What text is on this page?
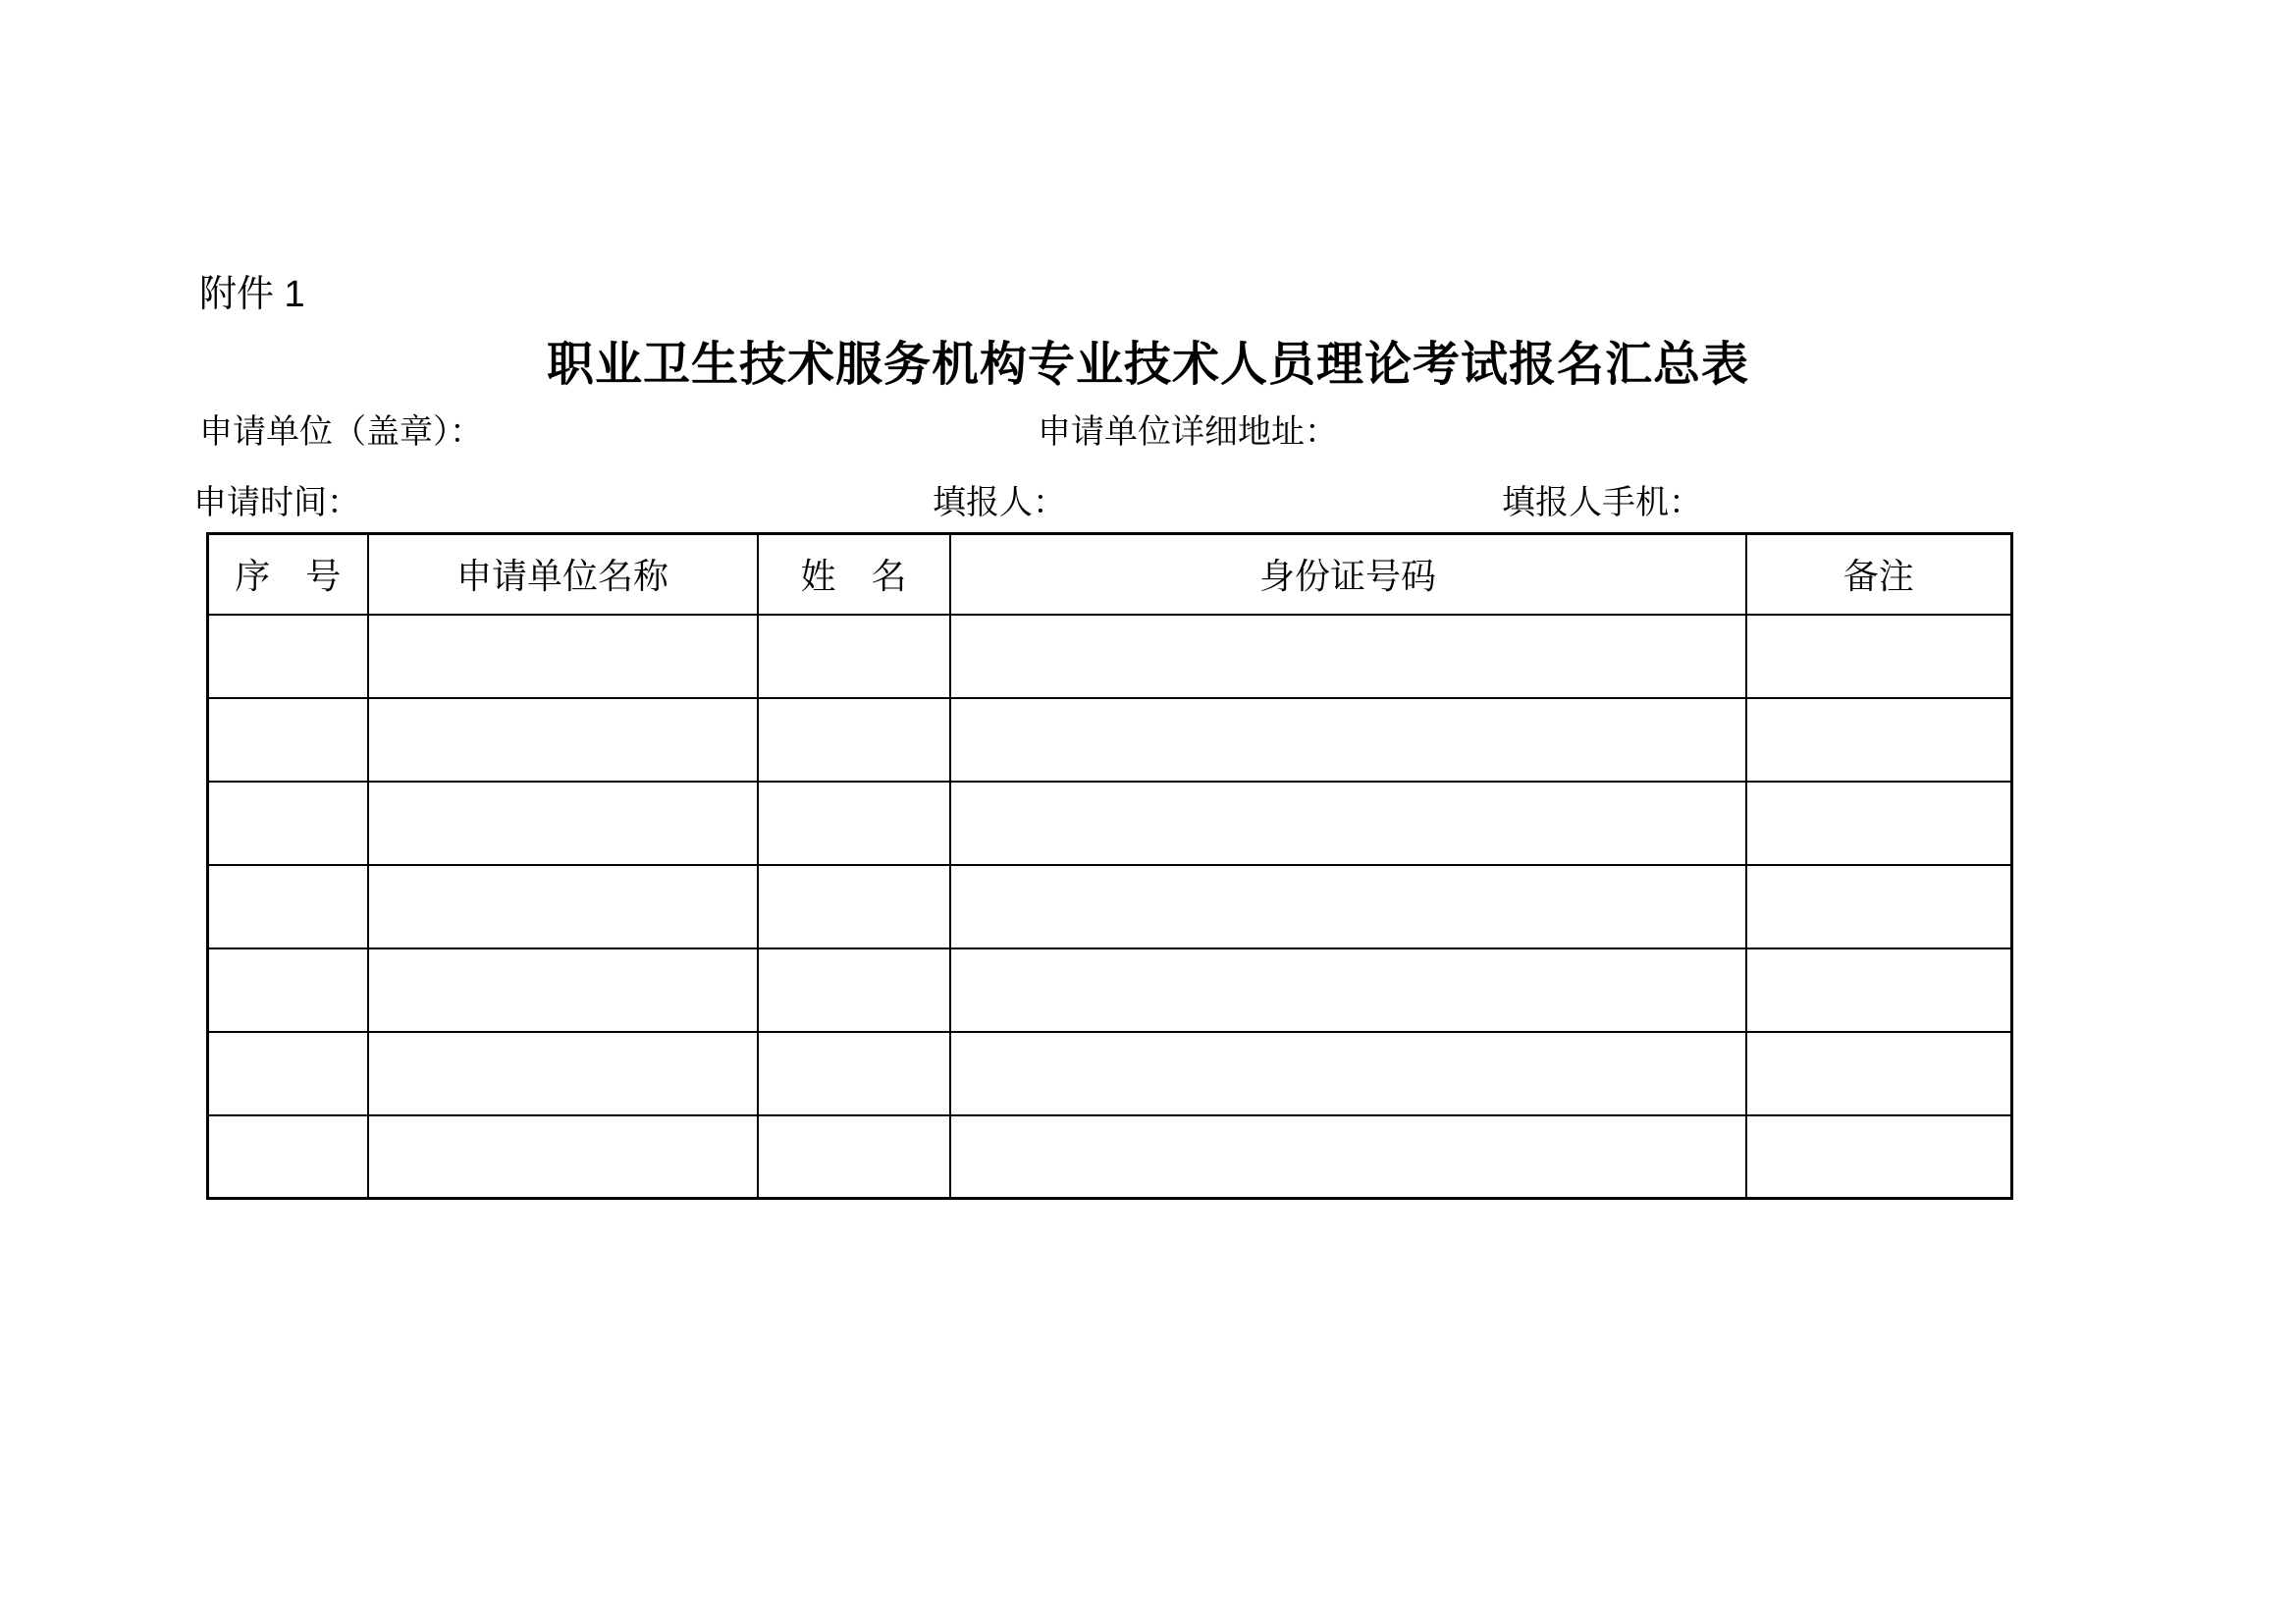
附件 1
职业卫生技术服务机构专业技术人员理论考试报名汇总表
申请单位（盖章）：	申请单位详细地址：
申请时间：	填报人：	填报人手机：
序　号	申请单位名称	姓　名	身份证号码	备注
